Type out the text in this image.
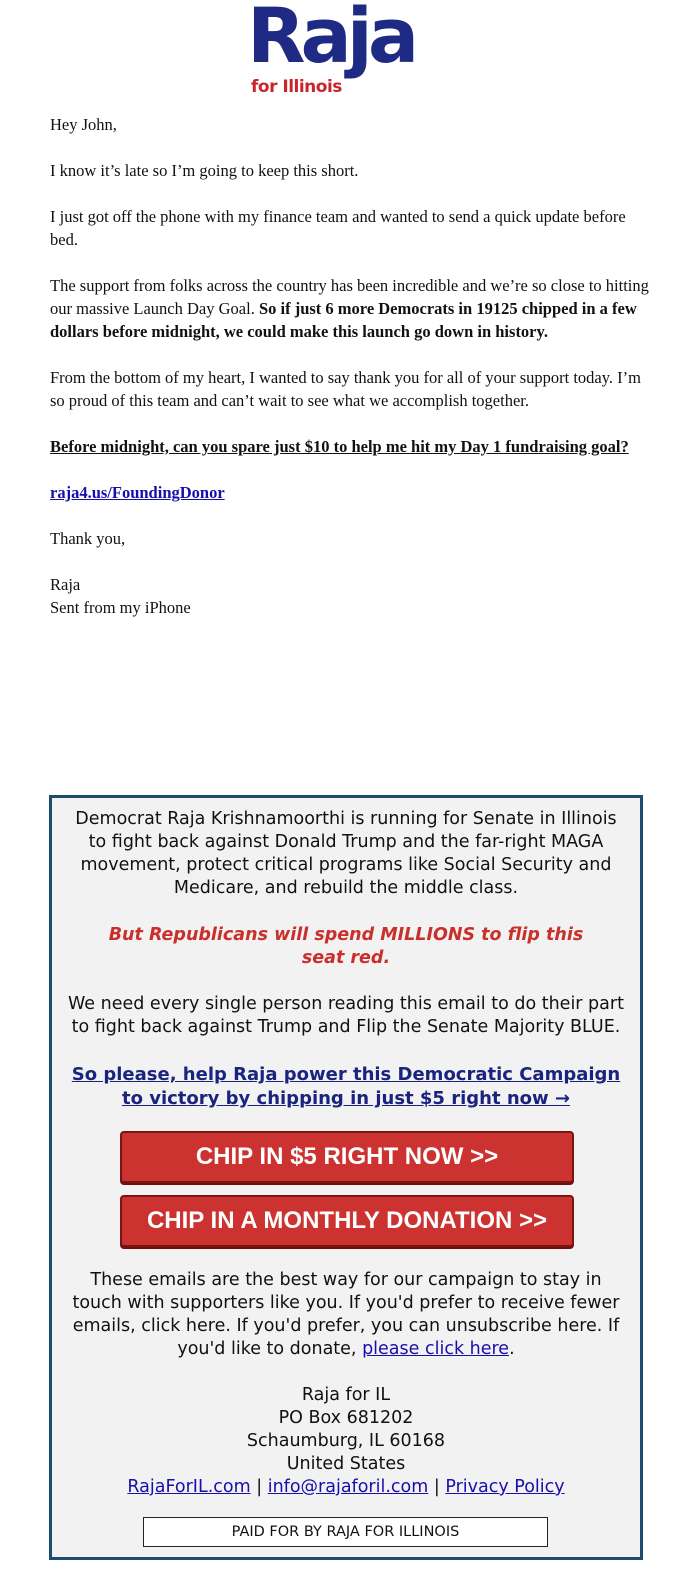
Raja
for Illinois

Hey John,

I know it’s late so I’m going to keep this short.

I just got off the phone with my finance team and wanted to send a quick update before bed.

The support from folks across the country has been incredible and we’re so close to hitting our massive Launch Day Goal. So if just 6 more Democrats in 19125 chipped in a few dollars before midnight, we could make this launch go down in history.

From the bottom of my heart, I wanted to say thank you for all of your support today. I’m so proud of this team and can’t wait to see what we accomplish together.

Before midnight, can you spare just $10 to help me hit my Day 1 fundraising goal?

raja4.us/FoundingDonor

Thank you,

Raja
Sent from my iPhone

Democrat Raja Krishnamoorthi is running for Senate in Illinois to fight back against Donald Trump and the far-right MAGA movement, protect critical programs like Social Security and Medicare, and rebuild the middle class.

But Republicans will spend MILLIONS to flip this seat red.

We need every single person reading this email to do their part to fight back against Trump and Flip the Senate Majority BLUE.

So please, help Raja power this Democratic Campaign to victory by chipping in just $5 right now →

CHIP IN $5 RIGHT NOW >>
CHIP IN A MONTHLY DONATION >>

These emails are the best way for our campaign to stay in touch with supporters like you. If you'd prefer to receive fewer emails, click here. If you'd prefer, you can unsubscribe here. If you'd like to donate, please click here.

Raja for IL
PO Box 681202
Schaumburg, IL 60168
United States
RajaForIL.com | info@rajaforil.com | Privacy Policy

PAID FOR BY RAJA FOR ILLINOIS
